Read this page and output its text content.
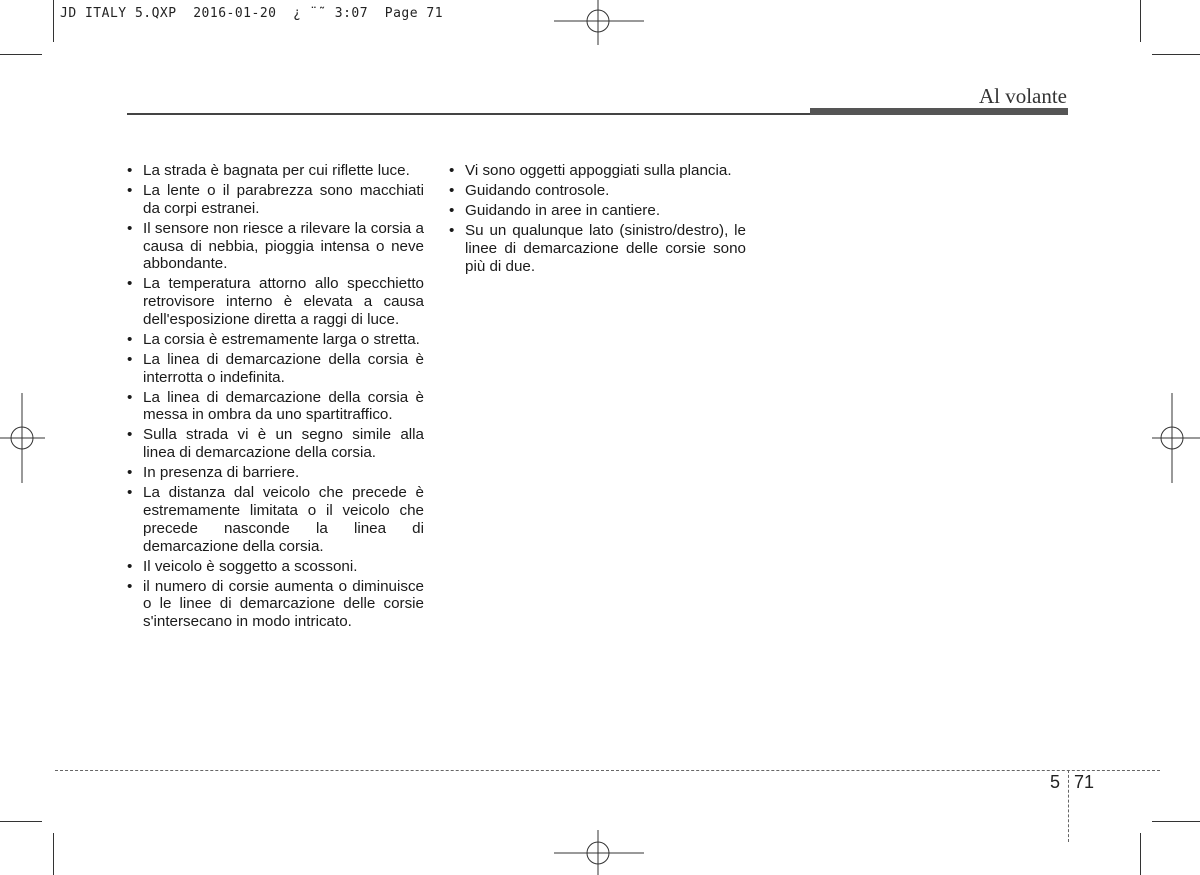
JD ITALY 5.QXP  2016-01-20  ¿ ¨˜ 3:07  Page 71
Al volante
• La strada è bagnata per cui riflette luce.
• La lente o il parabrezza sono macchiati da corpi estranei.
• Il sensore non riesce a rilevare la corsia a causa di nebbia, pioggia intensa o neve abbondante.
• La temperatura attorno allo specchietto retrovisore interno è elevata a causa dell'esposizione diretta a raggi di luce.
• La corsia è estremamente larga o stretta.
• La linea di demarcazione della corsia è interrotta o indefinita.
• La linea di demarcazione della corsia è messa in ombra da uno spartitraffico.
• Sulla strada vi è un segno simile alla linea di demarcazione della corsia.
• In presenza di barriere.
• La distanza dal veicolo che precede è estremamente limitata o il veicolo che precede nasconde la linea di demarcazione della corsia.
• Il veicolo è soggetto a scossoni.
• il numero di corsie aumenta o diminuisce o le linee di demarcazione delle corsie s'intersecano in modo intricato.
• Vi sono oggetti appoggiati sulla plancia.
• Guidando controsole.
• Guidando in aree in cantiere.
• Su un qualunque lato (sinistro/destro), le linee di demarcazione delle corsie sono più di due.
5 71
